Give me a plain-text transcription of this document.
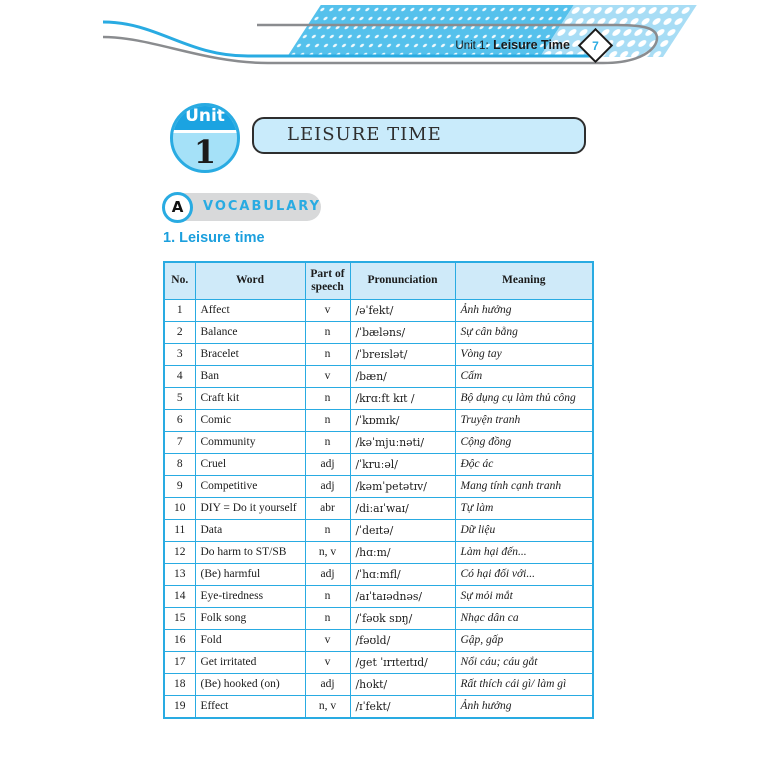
Unit 1: Leisure Time	7
LEISURE TIME
Unit
1
VOCABULARY
A
1. Leisure time
No.	Word	Part of speech	Pronunciation	Meaning
1	Affect	v	/əˈfekt/	Ảnh hưởng
2	Balance	n	/ˈbæləns/	Sự cân bằng
3	Bracelet	n	/ˈbreɪslət/	Vòng tay
4	Ban	v	/bæn/	Cấm
5	Craft kit	n	/krɑːft kɪt /	Bộ dụng cụ làm thủ công
6	Comic	n	/ˈkɒmɪk/	Truyện tranh
7	Community	n	/kəˈmjuːnəti/	Cộng đồng
8	Cruel	adj	/ˈkruːəl/	Độc ác
9	Competitive	adj	/kəmˈpetətɪv/	Mang tính cạnh tranh
10	DIY = Do it yourself	abr	/diːaɪˈwaɪ/	Tự làm
11	Data	n	/ˈdeɪtə/	Dữ liệu
12	Do harm to ST/SB	n, v	/hɑːm/	Làm hại đến...
13	(Be) harmful	adj	/ˈhɑːmfl/	Có hại đối với...
14	Eye-tiredness	n	/aɪˈtaɪədnəs/	Sự mỏi mắt
15	Folk song	n	/ˈfəʊk sɒŋ/	Nhạc dân ca
16	Fold	v	/fəʊld/	Gập, gấp
17	Get irritated	v	/get ˈɪrɪteɪtɪd/	Nổi cáu; cáu gắt
18	(Be) hooked (on)	adj	/hokt/	Rất thích cái gì/ làm gì
19	Effect	n, v	/ɪˈfekt/	Ảnh hưởng
